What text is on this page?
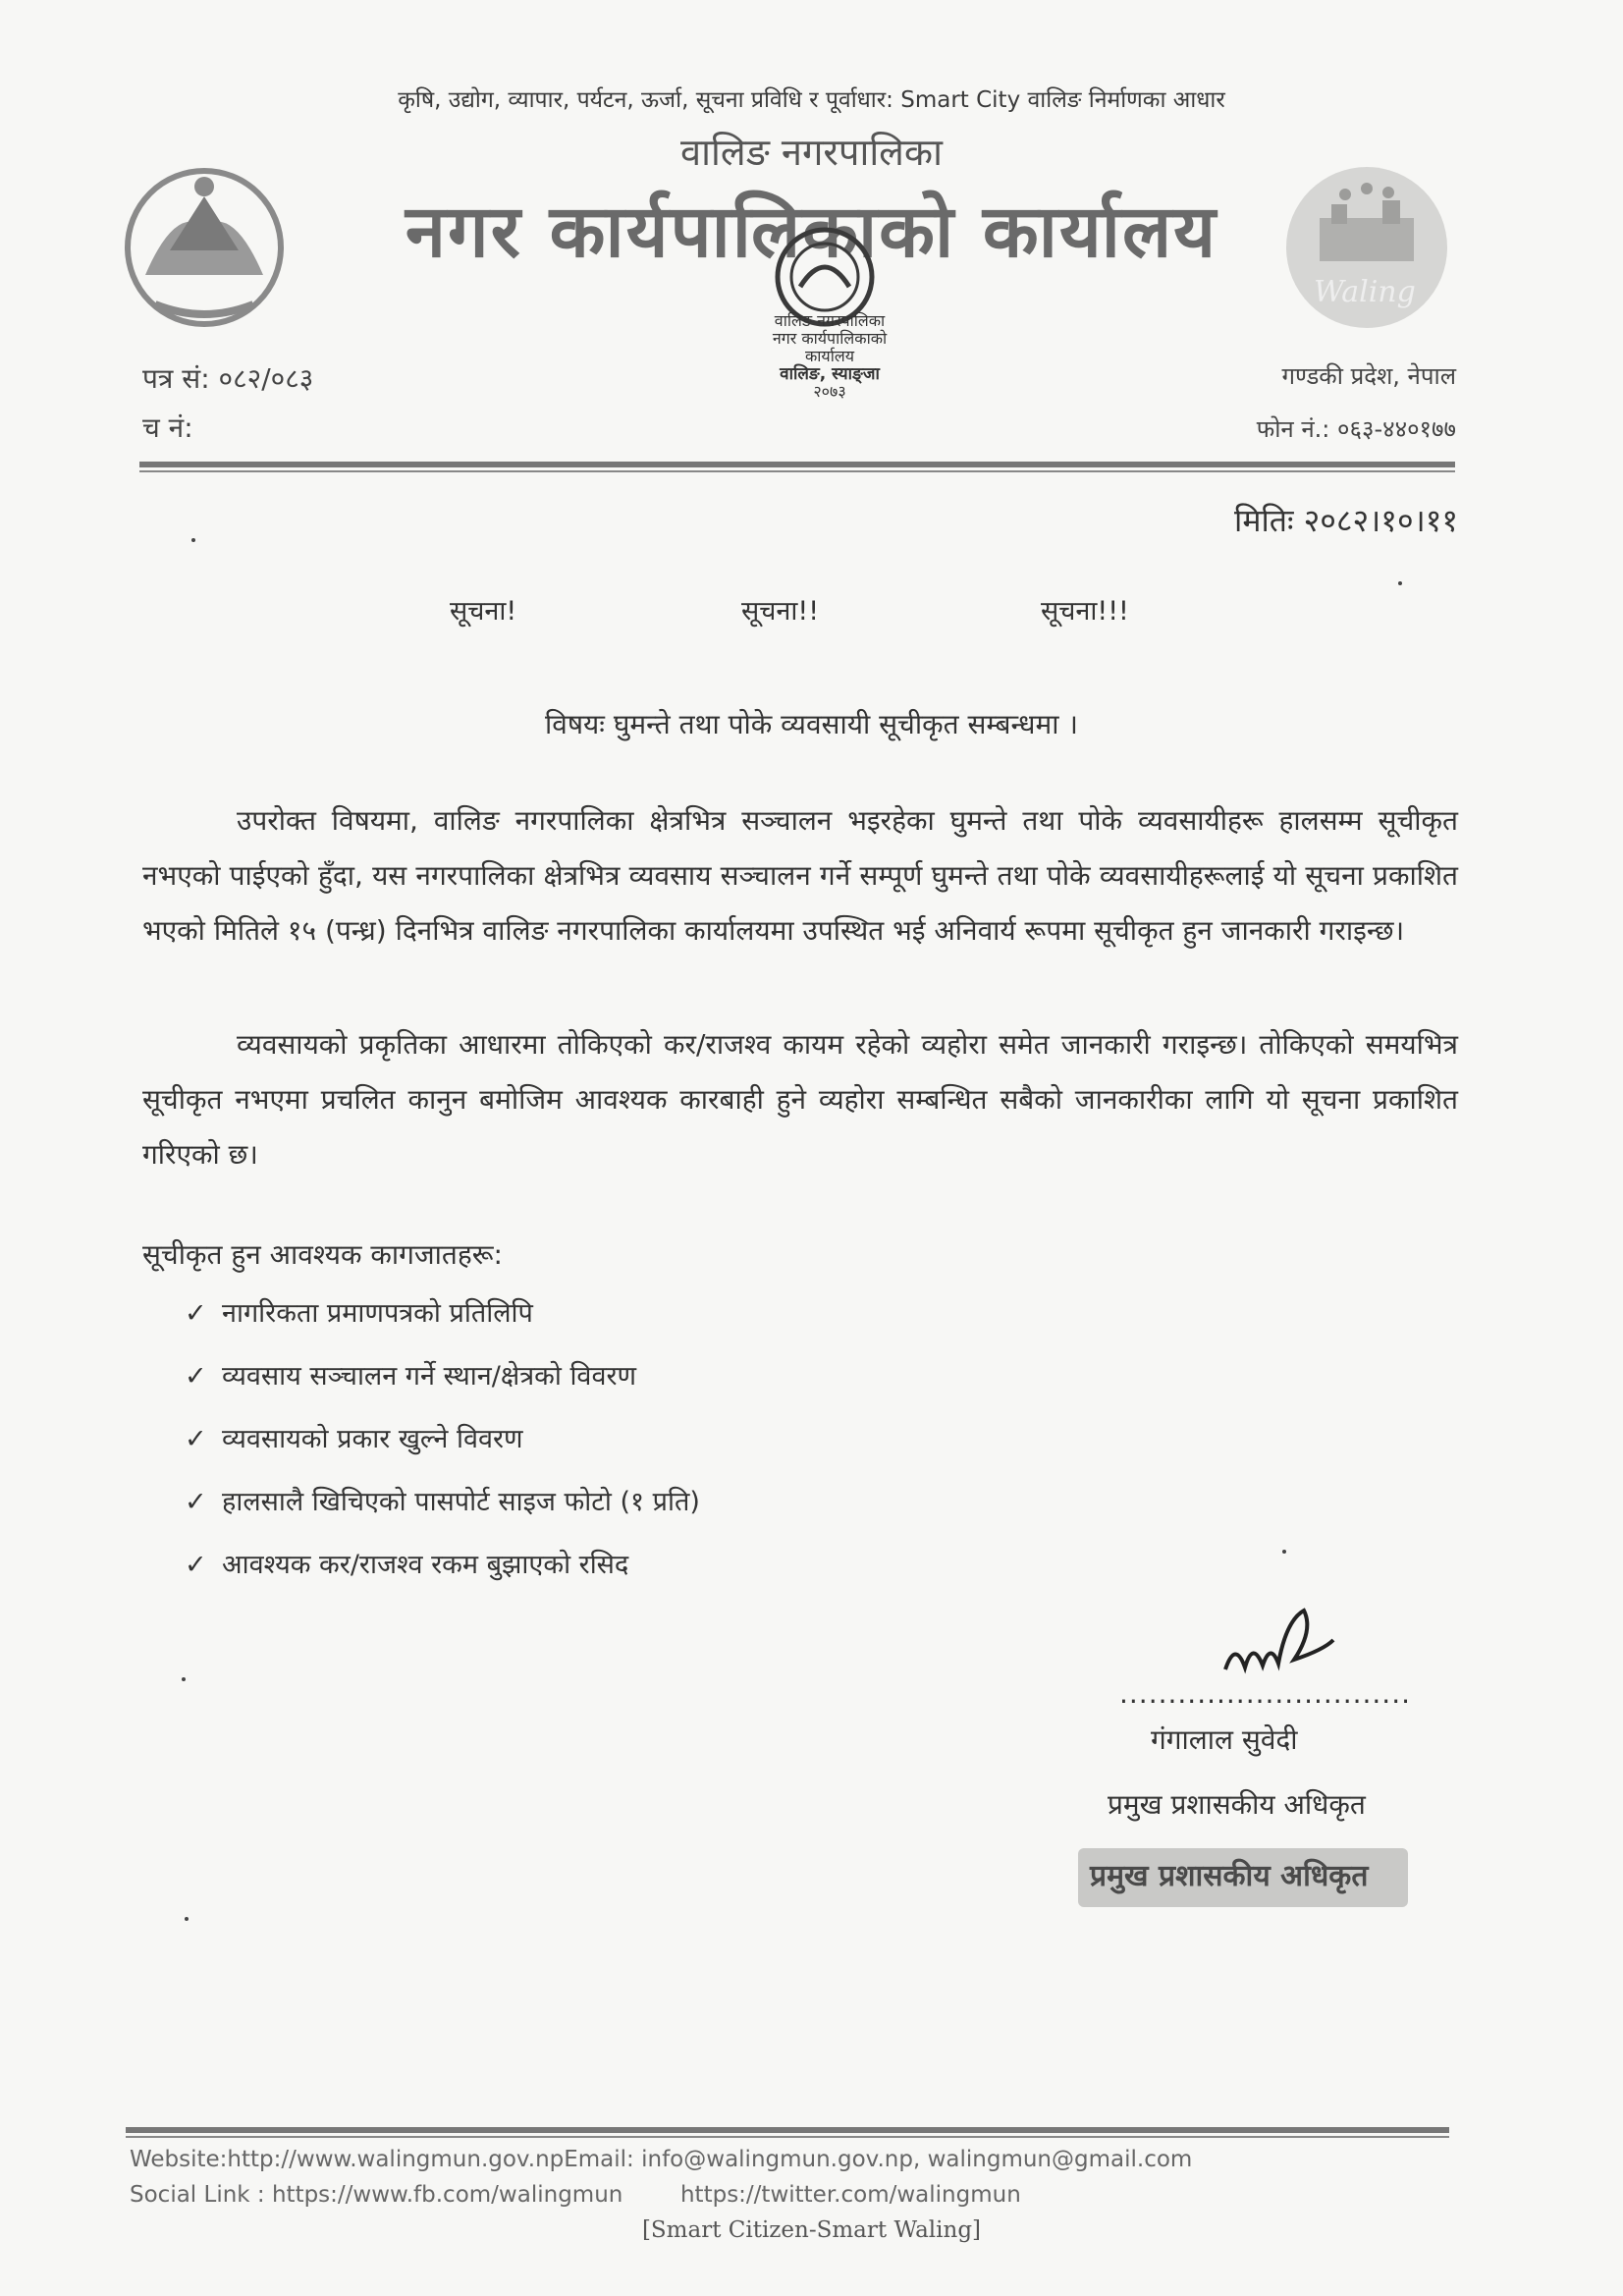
Waling
कृषि, उद्योग, व्यापार, पर्यटन, ऊर्जा, सूचना प्रविधि र पूर्वाधार: Smart City वालिङ निर्माणका आधार
वालिङ नगरपालिका
नगर कार्यपालिकाको कार्यालय
वालिङ नगरपालिका
नगर कार्यपालिकाको कार्यालय
वालिङ, स्याङ्जा
२०७३
पत्र सं: ०८२/०८३
च नं:
गण्डकी प्रदेश, नेपाल
फोन नं.: ०६३-४४०१७७
मितिः २०८२।१०।११
सूचना!	सूचना!!	सूचना!!!
विषयः घुमन्ते तथा पोके व्यवसायी सूचीकृत सम्बन्धमा ।
उपरोक्त विषयमा, वालिङ नगरपालिका क्षेत्रभित्र सञ्चालन भइरहेका घुमन्ते तथा पोके व्यवसायीहरू हालसम्म सूचीकृत नभएको पाईएको हुँदा, यस नगरपालिका क्षेत्रभित्र व्यवसाय सञ्चालन गर्ने सम्पूर्ण घुमन्ते तथा पोके व्यवसायीहरूलाई यो सूचना प्रकाशित भएको मितिले १५ (पन्ध्र) दिनभित्र वालिङ नगरपालिका कार्यालयमा उपस्थित भई अनिवार्य रूपमा सूचीकृत हुन जानकारी गराइन्छ।
व्यवसायको प्रकृतिका आधारमा तोकिएको कर/राजश्व कायम रहेको व्यहोरा समेत जानकारी गराइन्छ। तोकिएको समयभित्र सूचीकृत नभएमा प्रचलित कानुन बमोजिम आवश्यक कारबाही हुने व्यहोरा सम्बन्धित सबैको जानकारीका लागि यो सूचना प्रकाशित गरिएको छ।
सूचीकृत हुन आवश्यक कागजातहरू:
✓ नागरिकता प्रमाणपत्रको प्रतिलिपि
✓ व्यवसाय सञ्चालन गर्ने स्थान/क्षेत्रको विवरण
✓ व्यवसायको प्रकार खुल्ने विवरण
✓ हालसालै खिचिएको पासपोर्ट साइज फोटो (१ प्रति)
✓ आवश्यक कर/राजश्व रकम बुझाएको रसिद
..............................
गंगालाल सुवेदी
प्रमुख प्रशासकीय अधिकृत
प्रमुख प्रशासकीय अधिकृत
Website:http://www.walingmun.gov.npEmail: info@walingmun.gov.np, walingmun@gmail.com
Social Link : https://www.fb.com/walingmun	https://twitter.com/walingmun
[Smart Citizen-Smart Waling]
